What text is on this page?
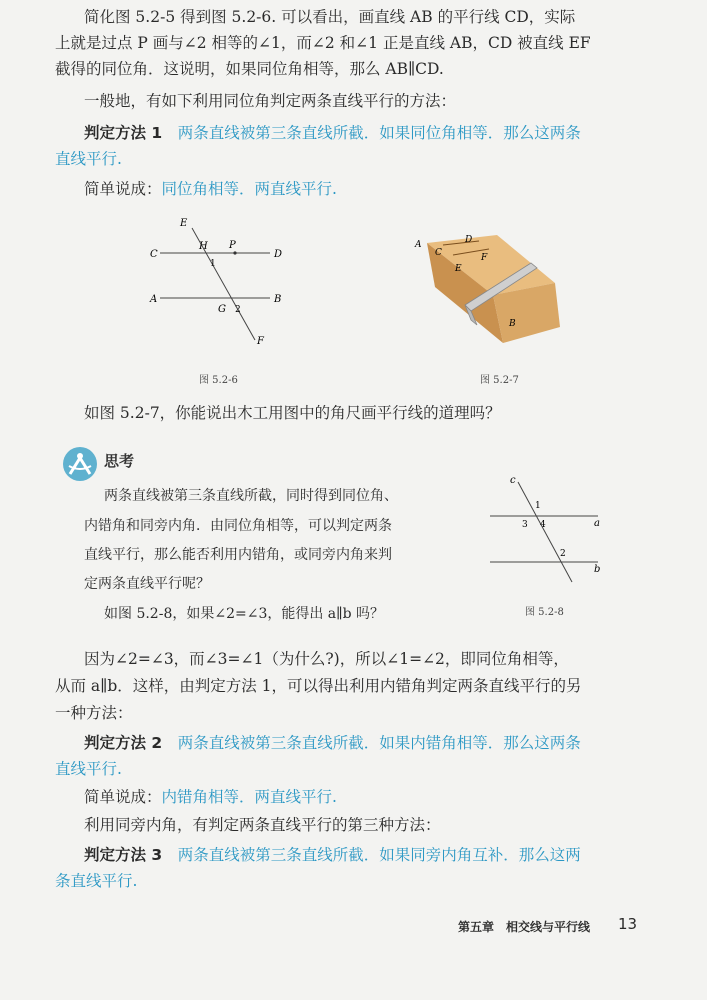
简化图 5.2-5 得到图 5.2-6. 可以看出，画直线 AB 的平行线 CD，实际
上就是过点 P 画与∠2 相等的∠1，而∠2 和∠1 正是直线 AB，CD 被直线 EF
截得的同位角．这说明，如果同位角相等，那么 AB∥CD.
一般地，有如下利用同位角判定两条直线平行的方法：
判定方法 1　 两条直线被第三条直线所截．如果同位角相等．那么这两条
直线平行.
简单说成：同位角相等．两直线平行.
E
H P
C	D
1
A	B
G 2
F
图 5.2-6
A
C
D
E
F
B
图 5.2-7
如图 5.2-7，你能说出木工用图中的角尺画平行线的道理吗？
思考
两条直线被第三条直线所截，同时得到同位角、
内错角和同旁内角．由同位角相等，可以判定两条
直线平行，那么能否利用内错角，或同旁内角来判
定两条直线平行呢？
如图 5.2-8，如果∠2=∠3，能得出 a∥b 吗？
c
1
3 4	a
2
b
图 5.2-8
因为∠2=∠3，而∠3=∠1（为什么?)，所以∠1=∠2，即同位角相等，
从而 a∥b．这样，由判定方法 1，可以得出利用内错角判定两条直线平行的另
一种方法：
判定方法 2　 两条直线被第三条直线所截．如果内错角相等．那么这两条
直线平行.
简单说成：内错角相等．两直线平行.
利用同旁内角，有判定两条直线平行的第三种方法：
判定方法 3　 两条直线被第三条直线所截．如果同旁内角互补．那么这两
条直线平行.
第五章　相交线与平行线 13
